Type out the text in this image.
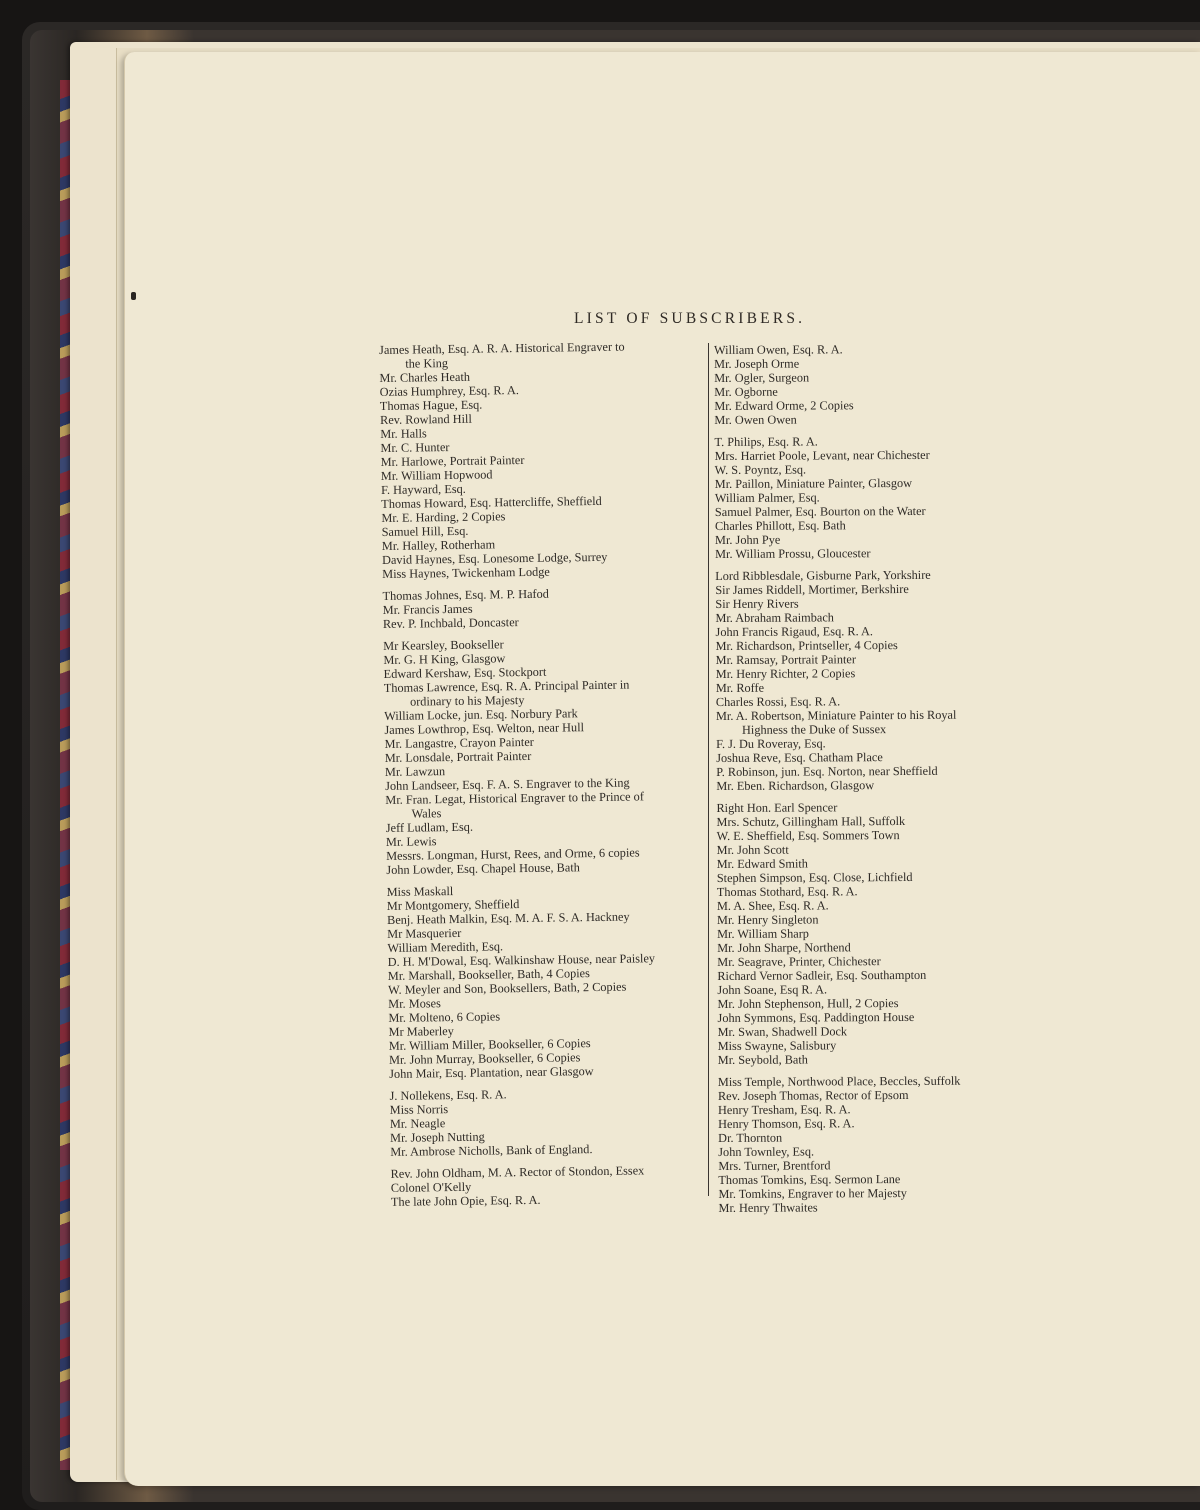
LIST OF SUBSCRIBERS.
James Heath, Esq. A. R. A. Historical Engraver to
the King
Mr. Charles Heath
Ozias Humphrey, Esq. R. A.
Thomas Hague, Esq.
Rev. Rowland Hill
Mr. Halls
Mr. C. Hunter
Mr. Harlowe, Portrait Painter
Mr. William Hopwood
F. Hayward, Esq.
Thomas Howard, Esq. Hattercliffe, Sheffield
Mr. E. Harding, 2 Copies
Samuel Hill, Esq.
Mr. Halley, Rotherham
David Haynes, Esq. Lonesome Lodge, Surrey
Miss Haynes, Twickenham Lodge
Thomas Johnes, Esq. M. P. Hafod
Mr. Francis James
Rev. P. Inchbald, Doncaster
Mr Kearsley, Bookseller
Mr. G. H King, Glasgow
Edward Kershaw, Esq. Stockport
Thomas Lawrence, Esq. R. A. Principal Painter in
ordinary to his Majesty
William Locke, jun. Esq. Norbury Park
James Lowthrop, Esq. Welton, near Hull
Mr. Langastre, Crayon Painter
Mr. Lonsdale, Portrait Painter
Mr. Lawzun
John Landseer, Esq. F. A. S. Engraver to the King
Mr. Fran. Legat, Historical Engraver to the Prince of
Wales
Jeff Ludlam, Esq.
Mr. Lewis
Messrs. Longman, Hurst, Rees, and Orme, 6 copies
John Lowder, Esq. Chapel House, Bath
Miss Maskall
Mr Montgomery, Sheffield
Benj. Heath Malkin, Esq. M. A. F. S. A. Hackney
Mr Masquerier
William Meredith, Esq.
D. H. M'Dowal, Esq. Walkinshaw House, near Paisley
Mr. Marshall, Bookseller, Bath, 4 Copies
W. Meyler and Son, Booksellers, Bath, 2 Copies
Mr. Moses
Mr. Molteno, 6 Copies
Mr Maberley
Mr. William Miller, Bookseller, 6 Copies
Mr. John Murray, Bookseller, 6 Copies
John Mair, Esq. Plantation, near Glasgow
J. Nollekens, Esq. R. A.
Miss Norris
Mr. Neagle
Mr. Joseph Nutting
Mr. Ambrose Nicholls, Bank of England.
Rev. John Oldham, M. A. Rector of Stondon, Essex
Colonel O'Kelly
The late John Opie, Esq. R. A.
William Owen, Esq. R. A.
Mr. Joseph Orme
Mr. Ogler, Surgeon
Mr. Ogborne
Mr. Edward Orme, 2 Copies
Mr. Owen Owen
T. Philips, Esq. R. A.
Mrs. Harriet Poole, Levant, near Chichester
W. S. Poyntz, Esq.
Mr. Paillon, Miniature Painter, Glasgow
William Palmer, Esq.
Samuel Palmer, Esq. Bourton on the Water
Charles Phillott, Esq. Bath
Mr. John Pye
Mr. William Prossu, Gloucester
Lord Ribblesdale, Gisburne Park, Yorkshire
Sir James Riddell, Mortimer, Berkshire
Sir Henry Rivers
Mr. Abraham Raimbach
John Francis Rigaud, Esq. R. A.
Mr. Richardson, Printseller, 4 Copies
Mr. Ramsay, Portrait Painter
Mr. Henry Richter, 2 Copies
Mr. Roffe
Charles Rossi, Esq. R. A.
Mr. A. Robertson, Miniature Painter to his Royal
Highness the Duke of Sussex
F. J. Du Roveray, Esq.
Joshua Reve, Esq. Chatham Place
P. Robinson, jun. Esq. Norton, near Sheffield
Mr. Eben. Richardson, Glasgow
Right Hon. Earl Spencer
Mrs. Schutz, Gillingham Hall, Suffolk
W. E. Sheffield, Esq. Sommers Town
Mr. John Scott
Mr. Edward Smith
Stephen Simpson, Esq. Close, Lichfield
Thomas Stothard, Esq. R. A.
M. A. Shee, Esq. R. A.
Mr. Henry Singleton
Mr. William Sharp
Mr. John Sharpe, Northend
Mr. Seagrave, Printer, Chichester
Richard Vernor Sadleir, Esq. Southampton
John Soane, Esq R. A.
Mr. John Stephenson, Hull, 2 Copies
John Symmons, Esq. Paddington House
Mr. Swan, Shadwell Dock
Miss Swayne, Salisbury
Mr. Seybold, Bath
Miss Temple, Northwood Place, Beccles, Suffolk
Rev. Joseph Thomas, Rector of Epsom
Henry Tresham, Esq. R. A.
Henry Thomson, Esq. R. A.
Dr. Thornton
John Townley, Esq.
Mrs. Turner, Brentford
Thomas Tomkins, Esq. Sermon Lane
Mr. Tomkins, Engraver to her Majesty
Mr. Henry Thwaites
